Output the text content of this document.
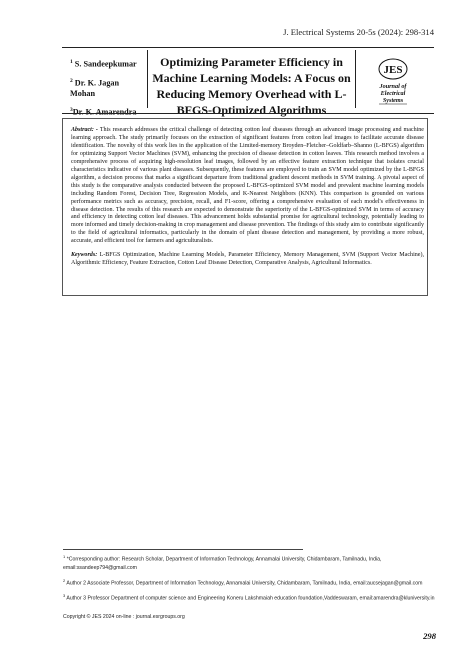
J. Electrical Systems 20-5s (2024): 298-314
$^1$ S. Sandeepkumar
$^2$ Dr. K. Jagan Mohan
$^3$Dr. K. Amarendra
Optimizing Parameter Efficiency in Machine Learning Models: A Focus on Reducing Memory Overhead with L-BFGS-Optimized Algorithms
JES
Journal of
Electrical
Systems
Abstract: - This research addresses the critical challenge of detecting cotton leaf diseases through an advanced image processing and machine learning approach. The study primarily focuses on the extraction of significant features from cotton leaf images to facilitate accurate disease identification. The novelty of this work lies in the application of the Limited-memory Broyden–Fletcher–Goldfarb–Shanno (L-BFGS) algorithm for optimizing Support Vector Machines (SVM), enhancing the precision of disease detection in cotton leaves. This research method involves a comprehensive process of acquiring high-resolution leaf images, followed by an effective feature extraction technique that isolates crucial characteristics indicative of various plant diseases. Subsequently, these features are employed to train an SVM model optimized by the L-BFGS algorithm, a decision process that marks a significant departure from traditional gradient descent methods in SVM training. A pivotal aspect of this study is the comparative analysis conducted between the proposed L-BFGS-optimized SVM model and prevalent machine learning models including Random Forest, Decision Tree, Regression Models, and K-Nearest Neighbors (KNN). This comparison is grounded on various performance metrics such as accuracy, precision, recall, and F1-score, offering a comprehensive evaluation of each model's effectiveness in disease detection. The results of this research are expected to demonstrate the superiority of the L-BFGS-optimized SVM in terms of accuracy and efficiency in detecting cotton leaf diseases. This advancement holds substantial promise for agricultural technology, potentially leading to more informed and timely decision-making in crop management and disease prevention. The findings of this study aim to contribute significantly to the field of agricultural informatics, particularly in the domain of plant disease detection and management, by providing a more robust, accurate, and efficient tool for farmers and agriculturalists.
Keywords: L-BFGS Optimization, Machine Learning Models, Parameter Efficiency, Memory Management, SVM (Support Vector Machine), Algorithmic Efficiency, Feature Extraction, Cotton Leaf Disease Detection, Comparative Analysis, Agricultural Informatics.

$^1$ *Corresponding author: Research Scholar, Department of Information Technology, Annamalai University, Chidambaram, Tamilnadu, India, email:ssandeep794@gmail.com

$^2$ Author 2 Associate Professor, Department of Information Technology, Annamalai University, Chidambaram, Tamilnadu, India, email:aucsejagan@gmail.com

$^3$ Author 3 Professor Department of computer science and Engineering Koneru Lakshmaiah education foundation,Vaddeswaram, email:amarendra@kluniversity.in

Copyright © JES 2024 on-line : journal.esrgroups.org
298
